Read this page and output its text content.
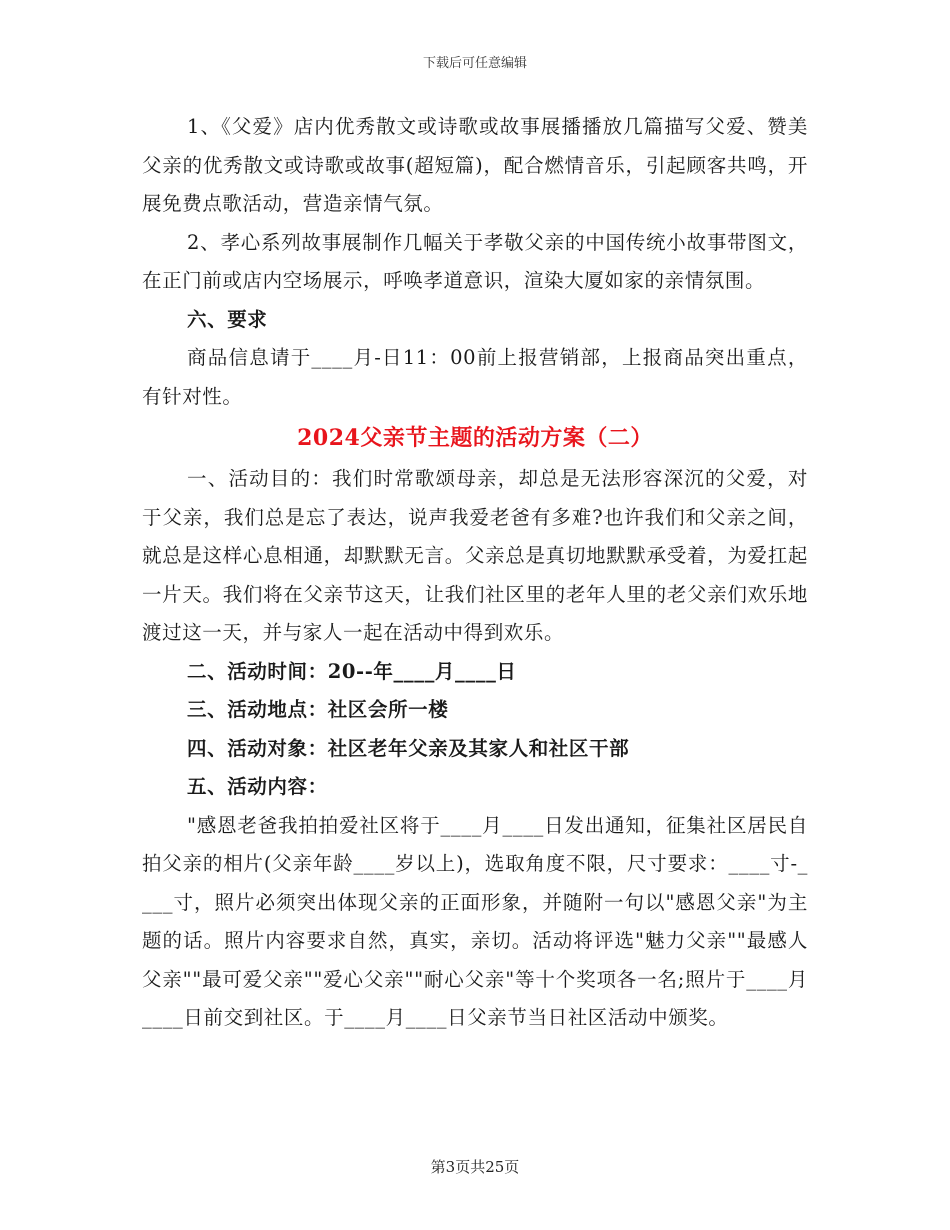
下载后可任意编辑

1、《父爱》店内优秀散文或诗歌或故事展播播放几篇描写父爱、赞美父亲的优秀散文或诗歌或故事(超短篇)，配合燃情音乐，引起顾客共鸣，开展免费点歌活动，营造亲情气氛。

2、孝心系列故事展制作几幅关于孝敬父亲的中国传统小故事带图文，在正门前或店内空场展示，呼唤孝道意识，渲染大厦如家的亲情氛围。

六、要求

商品信息请于____月-日11：00前上报营销部，上报商品突出重点，有针对性。

2024父亲节主题的活动方案（二）

一、活动目的：我们时常歌颂母亲，却总是无法形容深沉的父爱，对于父亲，我们总是忘了表达，说声我爱老爸有多难?也许我们和父亲之间，就总是这样心息相通，却默默无言。父亲总是真切地默默承受着，为爱扛起一片天。我们将在父亲节这天，让我们社区里的老年人里的老父亲们欢乐地渡过这一天，并与家人一起在活动中得到欢乐。

二、活动时间：20--年____月____日

三、活动地点：社区会所一楼

四、活动对象：社区老年父亲及其家人和社区干部

五、活动内容：

"感恩老爸我拍拍爱社区将于____月____日发出通知，征集社区居民自拍父亲的相片(父亲年龄____岁以上)，选取角度不限，尺寸要求：____寸-____寸，照片必须突出体现父亲的正面形象，并随附一句以"感恩父亲"为主题的话。照片内容要求自然，真实，亲切。活动将评选"魅力父亲""最感人父亲""最可爱父亲""爱心父亲""耐心父亲"等十个奖项各一名;照片于____月____日前交到社区。于____月____日父亲节当日社区活动中颁奖。

第3页共25页
